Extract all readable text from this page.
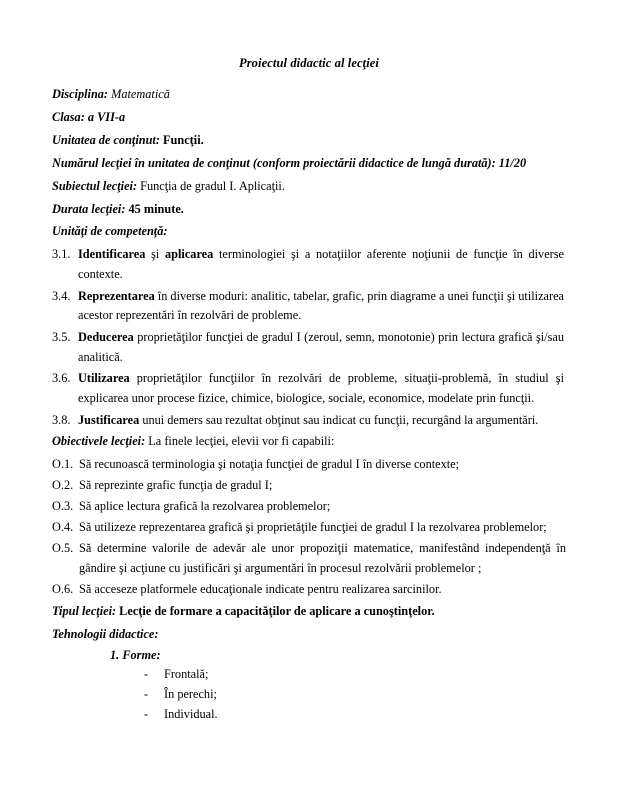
Proiectul didactic al lecţiei
Disciplina: Matematică
Clasa: a VII-a
Unitatea de conţinut: Funcţii.
Numărul lecţiei în unitatea de conţinut (conform proiectării didactice de lungă durată): 11/20
Subiectul lecţiei: Funcţia de gradul I. Aplicaţii.
Durata lecţiei: 45 minute.
Unităţi de competenţă:
3.1. Identificarea şi aplicarea terminologiei şi a notaţiilor aferente noţiunii de funcţie în diverse contexte.
3.4. Reprezentarea în diverse moduri: analitic, tabelar, grafic, prin diagrame a unei funcţii şi utilizarea acestor reprezentări în rezolvări de probleme.
3.5. Deducerea proprietăţilor funcţiei de gradul I (zeroul, semn, monotonie) prin lectura grafică şi/sau analitică.
3.6. Utilizarea proprietăţilor funcţiilor în rezolvări de probleme, situaţii-problemă, în studiul şi explicarea unor procese fizice, chimice, biologice, sociale, economice, modelate prin funcţii.
3.8. Justificarea unui demers sau rezultat obţinut sau indicat cu funcţii, recurgând la argumentări.
Obiectivele lecţiei: La finele lecţiei, elevii vor fi capabili:
O.1. Să recunoască terminologia şi notaţia funcţiei de gradul I în diverse contexte;
O.2. Să reprezinte grafic funcţia de gradul I;
O.3. Să aplice lectura grafică la rezolvarea problemelor;
O.4. Să utilizeze reprezentarea grafică şi proprietăţile funcţiei de gradul I la rezolvarea problemelor;
O.5. Să determine valorile de adevăr ale unor propoziţii matematice, manifestând independenţă în gândire şi acţiune cu justificări şi argumentări în procesul rezolvării problemelor ;
O.6. Să acceseze platformele educaţionale indicate pentru realizarea sarcinilor.
Tipul lecţiei: Lecţie de formare a capacităţilor de aplicare a cunoştinţelor.
Tehnologii didactice:
1. Forme:
-	Frontală;
-	În perechi;
-	Individual.
